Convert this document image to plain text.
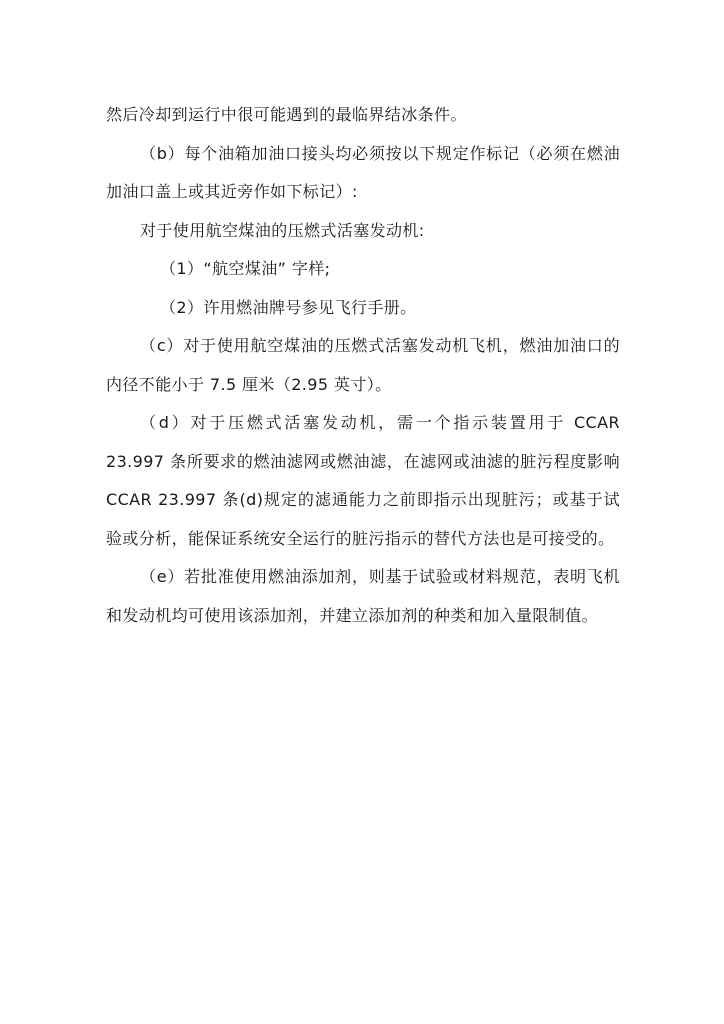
然后冷却到运行中很可能遇到的最临界结冰条件。

（b）每个油箱加油口接头均必须按以下规定作标记（必须在燃油加油口盖上或其近旁作如下标记）:

对于使用航空煤油的压燃式活塞发动机:

（1）“航空煤油” 字样;

（2）许用燃油牌号参见飞行手册。

（c）对于使用航空煤油的压燃式活塞发动机飞机，燃油加油口的内径不能小于 7.5 厘米（2.95 英寸）。

（d）对于压燃式活塞发动机，需一个指示装置用于 CCAR 23.997 条所要求的燃油滤网或燃油滤，在滤网或油滤的脏污程度影响 CCAR 23.997 条(d)规定的滤通能力之前即指示出现脏污；或基于试验或分析，能保证系统安全运行的脏污指示的替代方法也是可接受的。

（e）若批准使用燃油添加剂，则基于试验或材料规范，表明飞机和发动机均可使用该添加剂，并建立添加剂的种类和加入量限制值。
